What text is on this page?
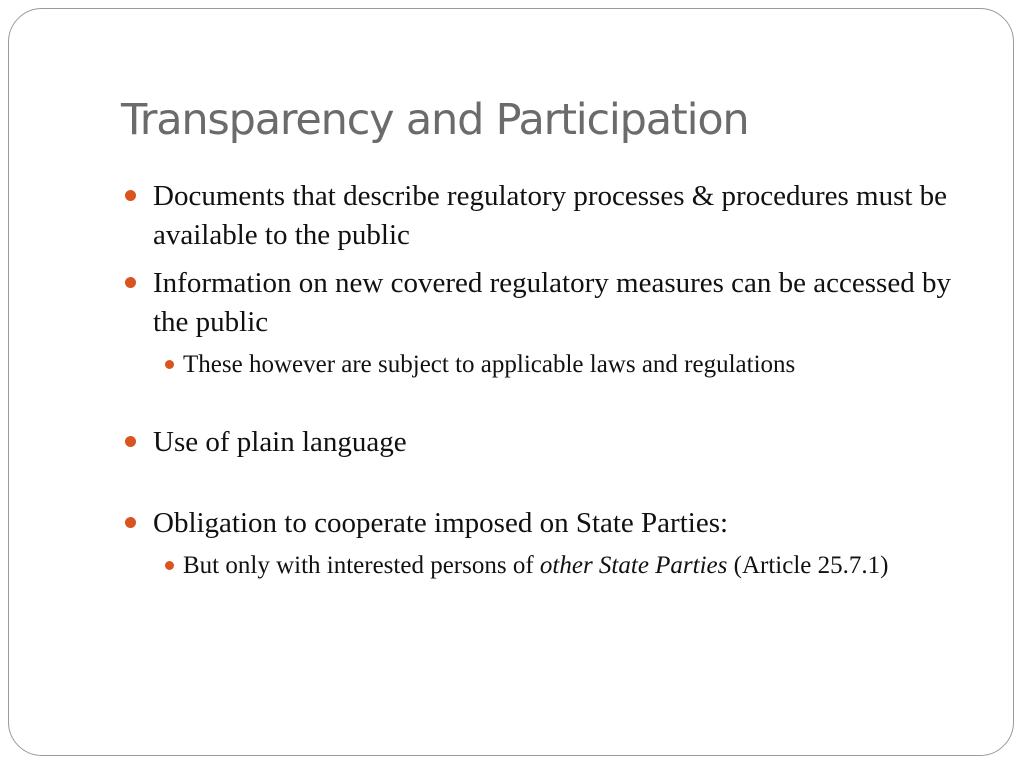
Transparency and Participation
Documents that describe regulatory processes & procedures must be available to the public
Information on new covered regulatory measures can be accessed by the public
These however are subject to applicable laws and regulations
Use of plain language
Obligation to cooperate imposed on State Parties:
But only with interested persons of other State Parties (Article 25.7.1)
